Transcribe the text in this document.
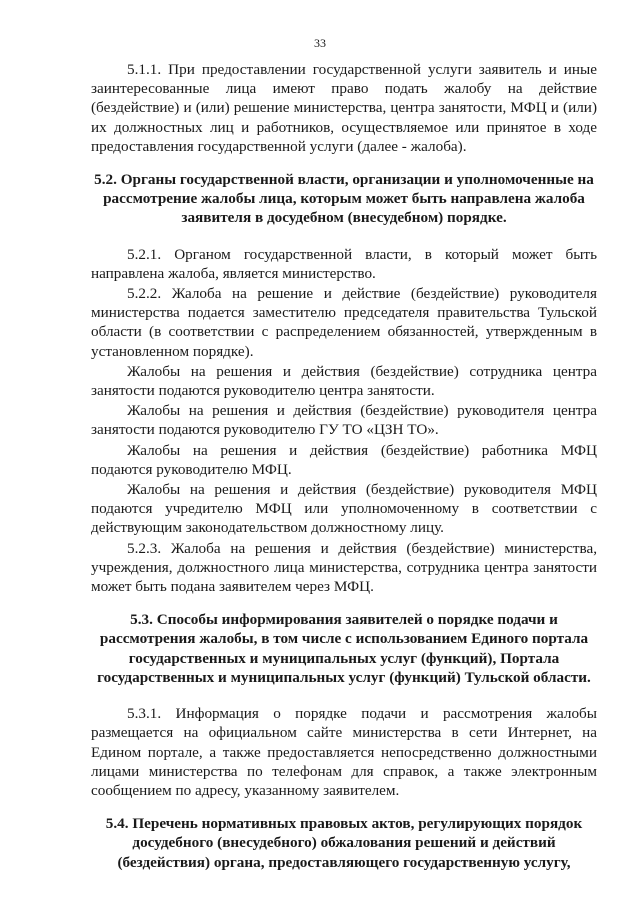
33

5.1.1. При предоставлении государственной услуги заявитель и иные заинтересованные лица имеют право подать жалобу на действие (бездействие) и (или) решение министерства, центра занятости, МФЦ и (или) их должностных лиц и работников, осуществляемое или принятое в ходе предоставления государственной услуги (далее - жалоба).

5.2. Органы государственной власти, организации и уполномоченные на рассмотрение жалобы лица, которым может быть направлена жалоба заявителя в досудебном (внесудебном) порядке.

5.2.1. Органом государственной власти, в который может быть направлена жалоба, является министерство.

5.2.2. Жалоба на решение и действие (бездействие) руководителя министерства подается заместителю председателя правительства Тульской области (в соответствии с распределением обязанностей, утвержденным в установленном порядке).

Жалобы на решения и действия (бездействие) сотрудника центра занятости подаются руководителю центра занятости.

Жалобы на решения и действия (бездействие) руководителя центра занятости подаются руководителю ГУ ТО «ЦЗН ТО».

Жалобы на решения и действия (бездействие) работника МФЦ подаются руководителю МФЦ.

Жалобы на решения и действия (бездействие) руководителя МФЦ подаются учредителю МФЦ или уполномоченному в соответствии с действующим законодательством должностному лицу.

5.2.3. Жалоба на решения и действия (бездействие) министерства, учреждения, должностного лица министерства, сотрудника центра занятости может быть подана заявителем через МФЦ.

5.3. Способы информирования заявителей о порядке подачи и рассмотрения жалобы, в том числе с использованием Единого портала государственных и муниципальных услуг (функций), Портала государственных и муниципальных услуг (функций) Тульской области.

5.3.1. Информация о порядке подачи и рассмотрения жалобы размещается на официальном сайте министерства в сети Интернет, на Едином портале, а также предоставляется непосредственно должностными лицами министерства по телефонам для справок, а также электронным сообщением по адресу, указанному заявителем.

5.4. Перечень нормативных правовых актов, регулирующих порядок досудебного (внесудебного) обжалования решений и действий (бездействия) органа, предоставляющего государственную услугу,
